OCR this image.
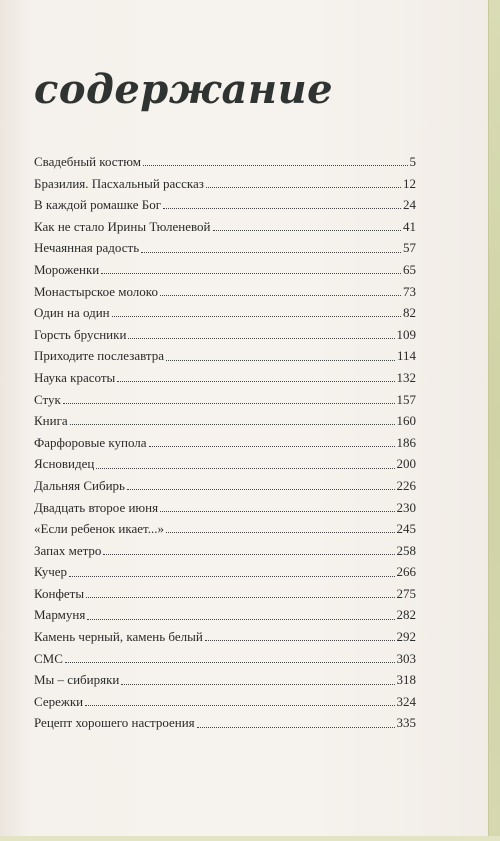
содержание
Свадебный костюм	5
Бразилия. Пасхальный рассказ	12
В каждой ромашке Бог	24
Как не стало Ирины Тюленевой	41
Нечаянная радость	57
Мороженки	65
Монастырское молоко	73
Один на один	82
Горсть брусники	109
Приходите послезавтра	114
Наука красоты	132
Стук	157
Книга	160
Фарфоровые купола	186
Ясновидец	200
Дальняя Сибирь	226
Двадцать второе июня	230
«Если ребенок икает...»	245
Запах метро	258
Кучер	266
Конфеты	275
Мармуня	282
Камень черный, камень белый	292
СМС	303
Мы – сибиряки	318
Сережки	324
Рецепт хорошего настроения	335
